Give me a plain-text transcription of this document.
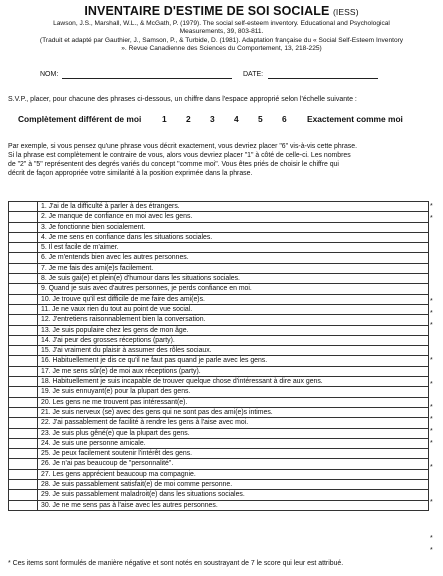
INVENTAIRE D'ESTIME DE SOI SOCIALE (IESS)
Lawson, J.S., Marshall, W.L., & McGath, P. (1979). The social self-esteem inventory. Educational and Psychological
Measurements, 39, 803-811.
(Traduit et adapté par Gauthier, J., Samson, P., & Turbide, D. (1981). Adaptation française du « Social Self-Esteem Inventory
». Revue Canadienne des Sciences du Comportement, 13, 218-225)
NOM:	DATE:
S.V.P., placer, pour chacune des phrases ci-dessous, un chiffre dans l'espace approprié selon l'échelle suivante :
Complètement différent de moi 1 2 3 4 5 6 Exactement comme moi
Par exemple, si vous pensez qu'une phrase vous décrit exactement, vous devriez placer "6" vis-à-vis cette phrase.
Si la phrase est complètement le contraire de vous, alors vous devriez placer "1" à côté de celle-ci. Les nombres
de "2" à "5" représentent des degrés variés du concept "comme moi". Vous êtes priés de choisir le chiffre qui
décrit de façon appropriée votre similarité à la position exprimée dans la phrase.
	1. J'ai de la difficulté à parler à des étrangers.
	2. Je manque de confiance en moi avec les gens.
	3. Je fonctionne bien socialement.
	4. Je me sens en confiance dans les situations sociales.
	5. Il est facile de m'aimer.
	6. Je m'entends bien avec les autres personnes.
	7. Je me fais des ami(e)s facilement.
	8. Je suis gai(e) et plein(e) d'humour dans les situations sociales.
	9. Quand je suis avec d'autres personnes, je perds confiance en moi.
	10. Je trouve qu'il est difficile de me faire des ami(e)s.
	11. Je ne vaux rien du tout au point de vue social.
	12. J'entretiens raisonnablement bien la conversation.
	13. Je suis populaire chez les gens de mon âge.
	14. J'ai peur des grosses réceptions (party).
	15. J'ai vraiment du plaisir à assumer des rôles sociaux.
	16. Habituellement je dis ce qu'il ne faut pas quand je parle avec les gens.
	17. Je me sens sûr(e) de moi aux réceptions (party).
	18. Habituellement je suis incapable de trouver quelque chose d'intéressant à dire aux gens.
	19. Je suis ennuyant(e) pour la plupart des gens.
	20. Les gens ne me trouvent pas intéressant(e).
	21. Je suis nerveux (se) avec des gens qui ne sont pas des ami(e)s intimes.
	22. J'ai passablement de facilité à rendre les gens à l'aise avec moi.
	23. Je suis plus gêné(e) que la plupart des gens.
	24. Je suis une personne amicale.
	25. Je peux facilement soutenir l'intérêt des gens.
	26. Je n'ai pas beaucoup de "personnalité".
	27. Les gens apprécient beaucoup ma compagnie.
	28. Je suis passablement satisfait(e) de moi comme personne.
	29. Je suis passablement maladroit(e) dans les situations sociales.
	30. Je ne me sens pas à l'aise avec les autres personnes.
*
*
*
*
*
*
*
*
*
*
*
*
*
*
*
* Ces items sont formulés de manière négative et sont notés en soustrayant de 7 le score qui leur est attribué.
